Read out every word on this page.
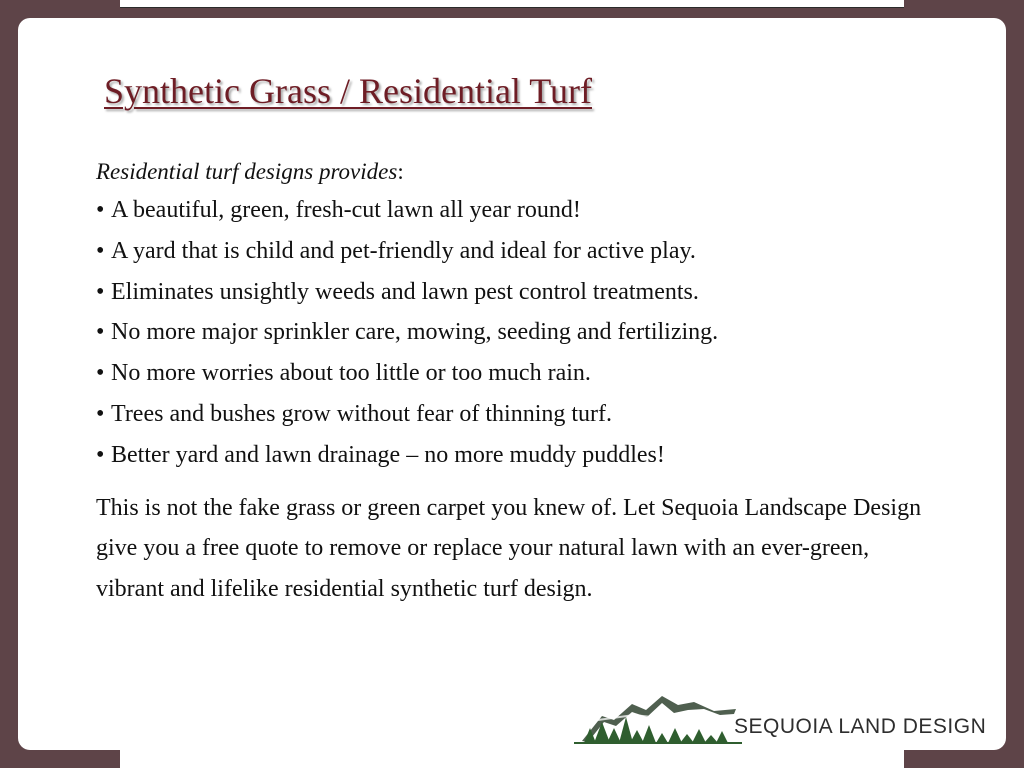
Synthetic Grass / Residential Turf

Residential turf designs provides:

• A beautiful, green, fresh-cut lawn all year round!
• A yard that is child and pet-friendly and ideal for active play.
• Eliminates unsightly weeds and lawn pest control treatments.
• No more major sprinkler care, mowing, seeding and fertilizing.
• No more worries about too little or too much rain.
• Trees and bushes grow without fear of thinning turf.
• Better yard and lawn drainage – no more muddy puddles!

This is not the fake grass or green carpet you knew of. Let Sequoia Landscape Design give you a free quote to remove or replace your natural lawn with an ever-green, vibrant and lifelike residential synthetic turf design.

SEQUOIA LAND DESIGN
